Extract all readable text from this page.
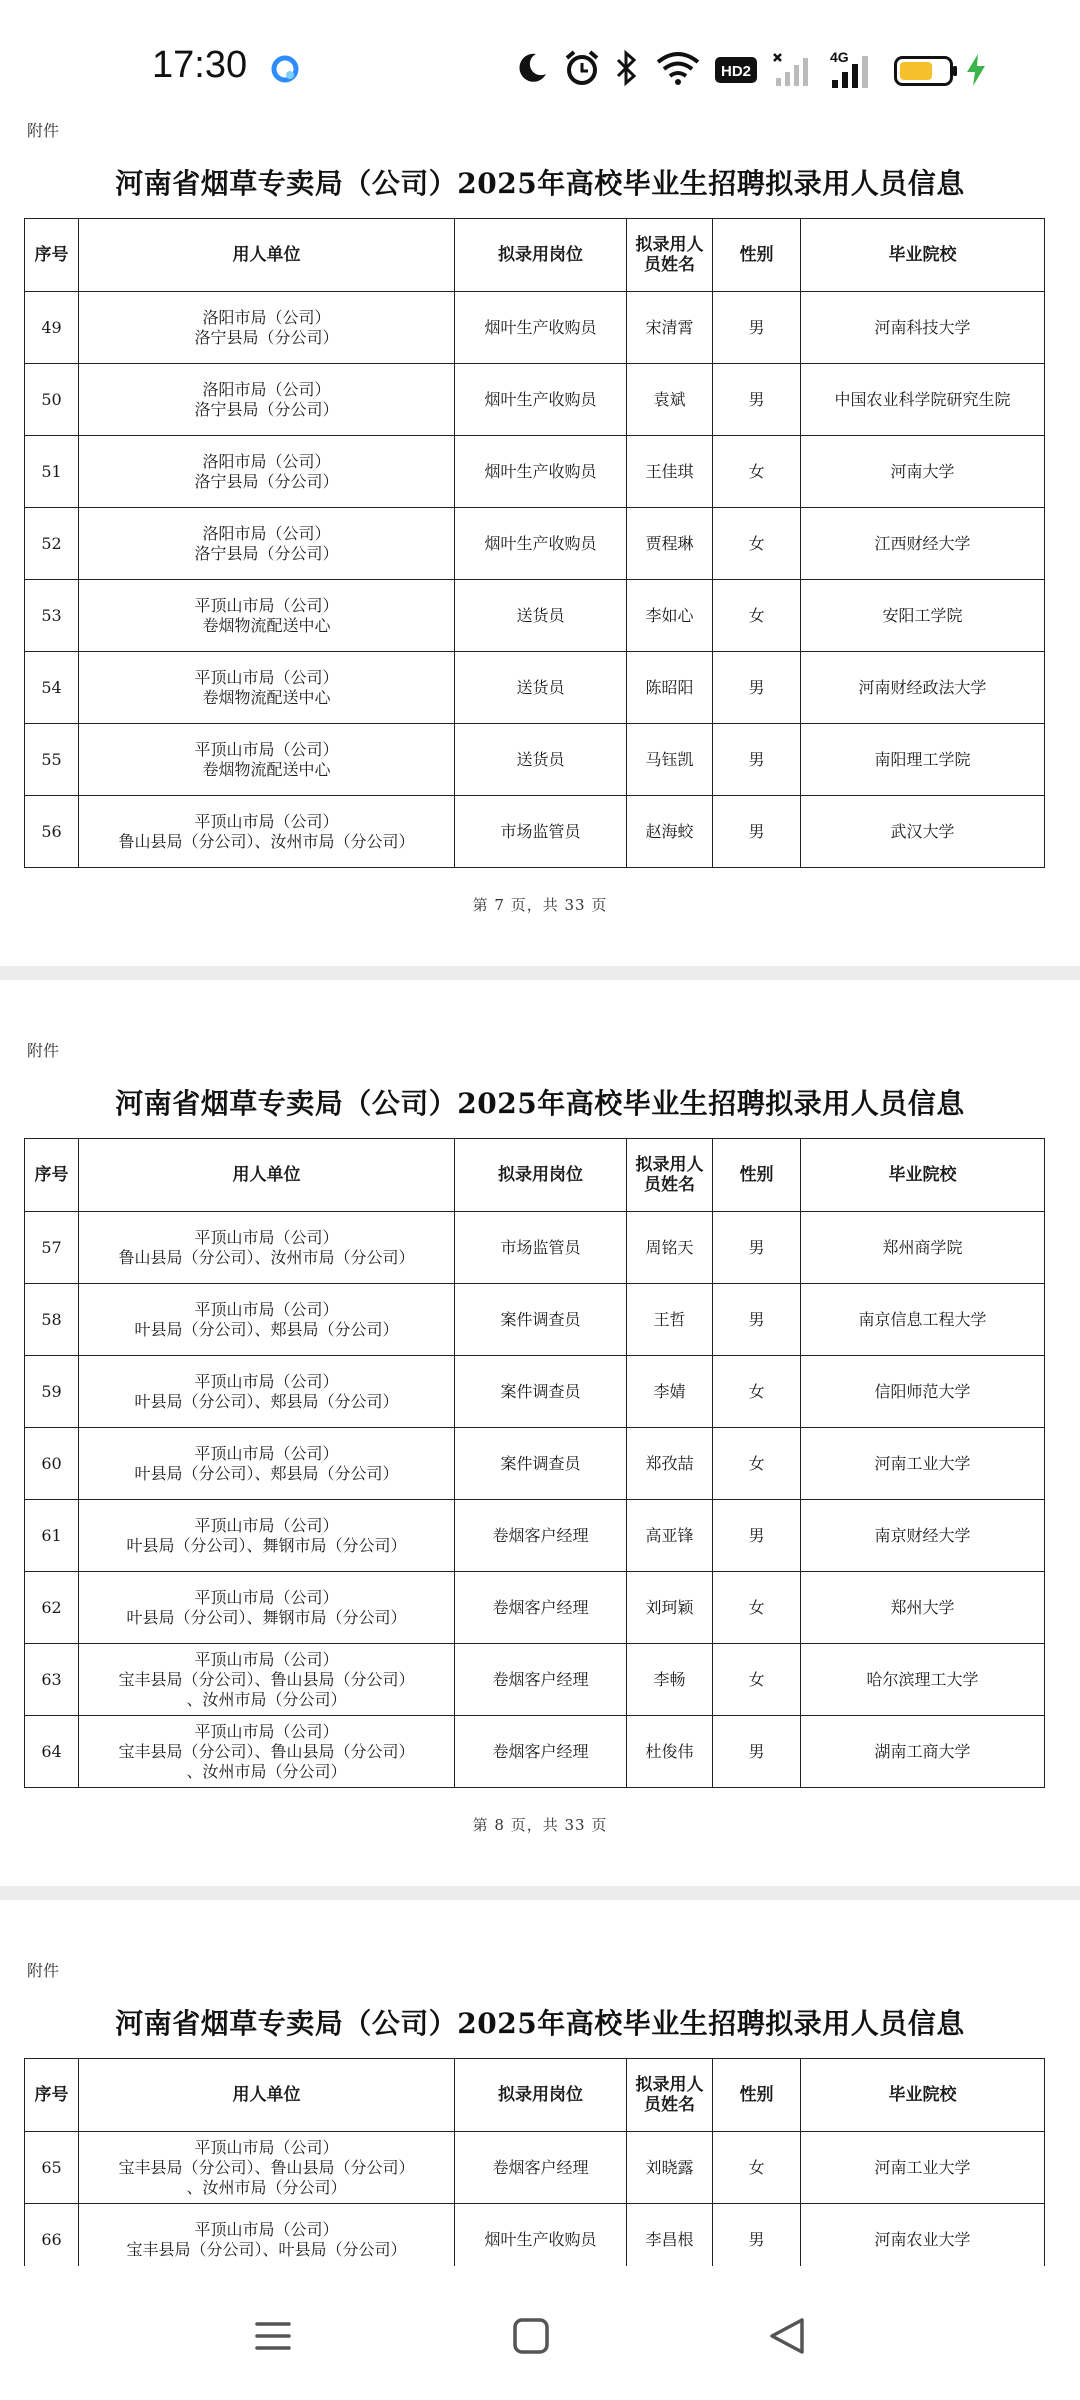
17:30	HD2
4G
附件
河南省烟草专卖局（公司）2025年高校毕业生招聘拟录用人员信息
序号	用人单位	拟录用岗位	拟录用人员姓名	性别	毕业院校
49	洛阳市局（公司）
洛宁县局（分公司）	烟叶生产收购员	宋清霄	男	河南科技大学
50	洛阳市局（公司）
洛宁县局（分公司）	烟叶生产收购员	袁斌	男	中国农业科学院研究生院
51	洛阳市局（公司）
洛宁县局（分公司）	烟叶生产收购员	王佳琪	女	河南大学
52	洛阳市局（公司）
洛宁县局（分公司）	烟叶生产收购员	贾程琳	女	江西财经大学
53	平顶山市局（公司）
卷烟物流配送中心	送货员	李如心	女	安阳工学院
54	平顶山市局（公司）
卷烟物流配送中心	送货员	陈昭阳	男	河南财经政法大学
55	平顶山市局（公司）
卷烟物流配送中心	送货员	马钰凯	男	南阳理工学院
56	平顶山市局（公司）
鲁山县局（分公司）、汝州市局（分公司）	市场监管员	赵海蛟	男	武汉大学
第 7 页，共 33 页
附件
河南省烟草专卖局（公司）2025年高校毕业生招聘拟录用人员信息
序号	用人单位	拟录用岗位	拟录用人员姓名	性别	毕业院校
57	平顶山市局（公司）
鲁山县局（分公司）、汝州市局（分公司）	市场监管员	周铭天	男	郑州商学院
58	平顶山市局（公司）
叶县局（分公司）、郏县局（分公司）	案件调查员	王哲	男	南京信息工程大学
59	平顶山市局（公司）
叶县局（分公司）、郏县局（分公司）	案件调查员	李婧	女	信阳师范大学
60	平顶山市局（公司）
叶县局（分公司）、郏县局（分公司）	案件调查员	郑孜喆	女	河南工业大学
61	平顶山市局（公司）
叶县局（分公司）、舞钢市局（分公司）	卷烟客户经理	高亚锋	男	南京财经大学
62	平顶山市局（公司）
叶县局（分公司）、舞钢市局（分公司）	卷烟客户经理	刘珂颖	女	郑州大学
63	平顶山市局（公司）
宝丰县局（分公司）、鲁山县局（分公司）
、汝州市局（分公司）	卷烟客户经理	李畅	女	哈尔滨理工大学
64	平顶山市局（公司）
宝丰县局（分公司）、鲁山县局（分公司）
、汝州市局（分公司）	卷烟客户经理	杜俊伟	男	湖南工商大学
第 8 页，共 33 页
附件
河南省烟草专卖局（公司）2025年高校毕业生招聘拟录用人员信息
序号	用人单位	拟录用岗位	拟录用人员姓名	性别	毕业院校
65	平顶山市局（公司）
宝丰县局（分公司）、鲁山县局（分公司）
、汝州市局（分公司）	卷烟客户经理	刘晓露	女	河南工业大学
66	平顶山市局（公司）
宝丰县局（分公司）、叶县局（分公司）	烟叶生产收购员	李昌根	男	河南农业大学
